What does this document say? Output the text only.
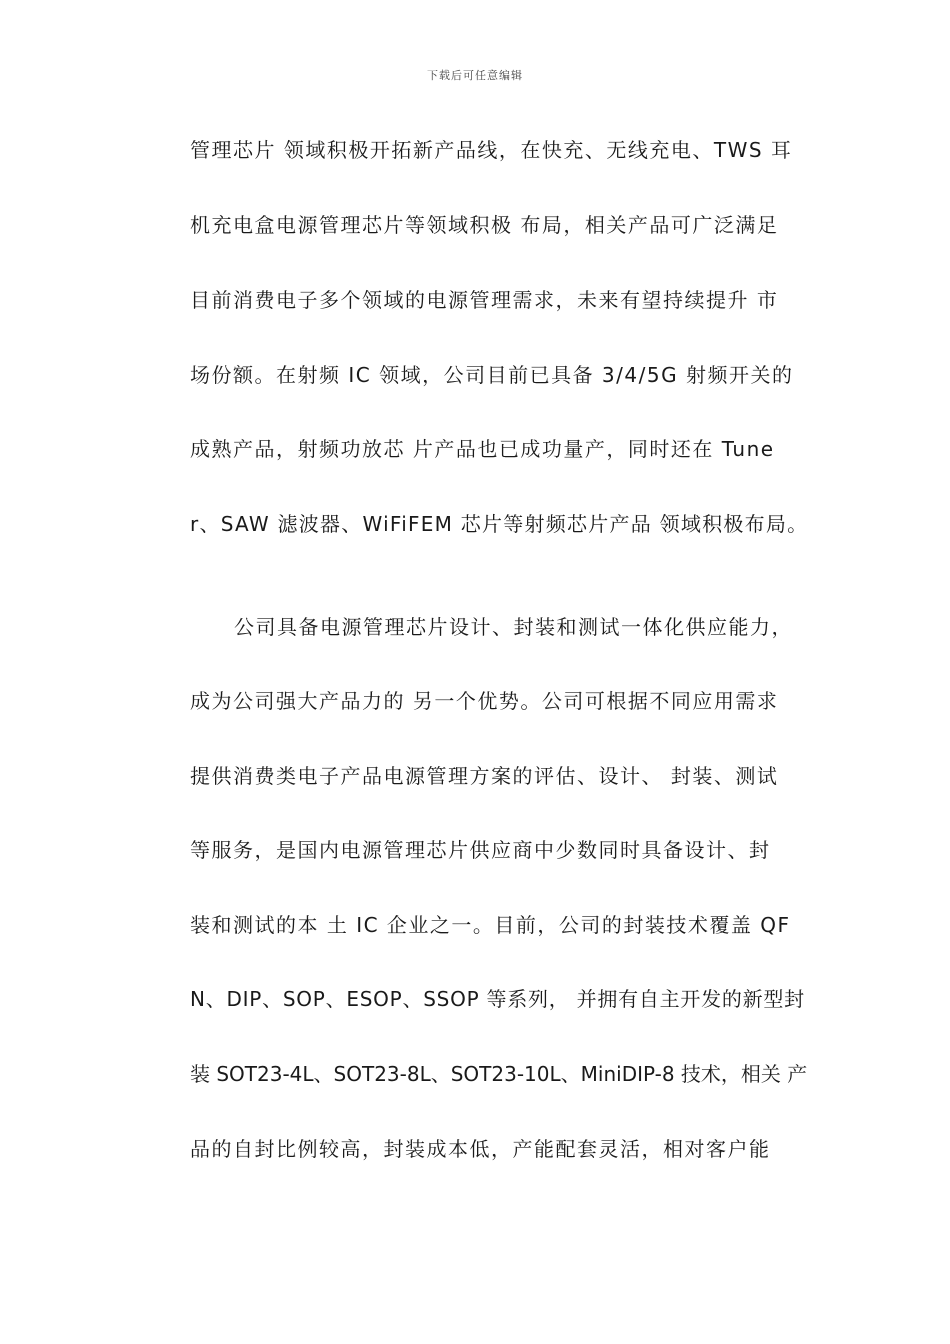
下载后可任意编辑
管理芯片 领域积极开拓新产品线，在快充、无线充电、TWS 耳
机充电盒电源管理芯片等领域积极 布局，相关产品可广泛满足
目前消费电子多个领域的电源管理需求，未来有望持续提升 市
场份额。在射频 IC 领域，公司目前已具备 3/4/5G 射频开关的
成熟产品，射频功放芯 片产品也已成功量产，同时还在 Tune
r、SAW 滤波器、WiFiFEM 芯片等射频芯片产品 领域积极布局。
公司具备电源管理芯片设计、封装和测试一体化供应能力，
成为公司强大产品力的 另一个优势。公司可根据不同应用需求
提供消费类电子产品电源管理方案的评估、设计、 封装、测试
等服务，是国内电源管理芯片供应商中少数同时具备设计、封
装和测试的本 土 IC 企业之一。目前，公司的封装技术覆盖 QF
N、DIP、SOP、ESOP、SSOP 等系列， 并拥有自主开发的新型封
装 SOT23-4L、SOT23-8L、SOT23-10L、MiniDIP-8 技术，相关 产
品的自封比例较高，封装成本低，产能配套灵活，相对客户能
